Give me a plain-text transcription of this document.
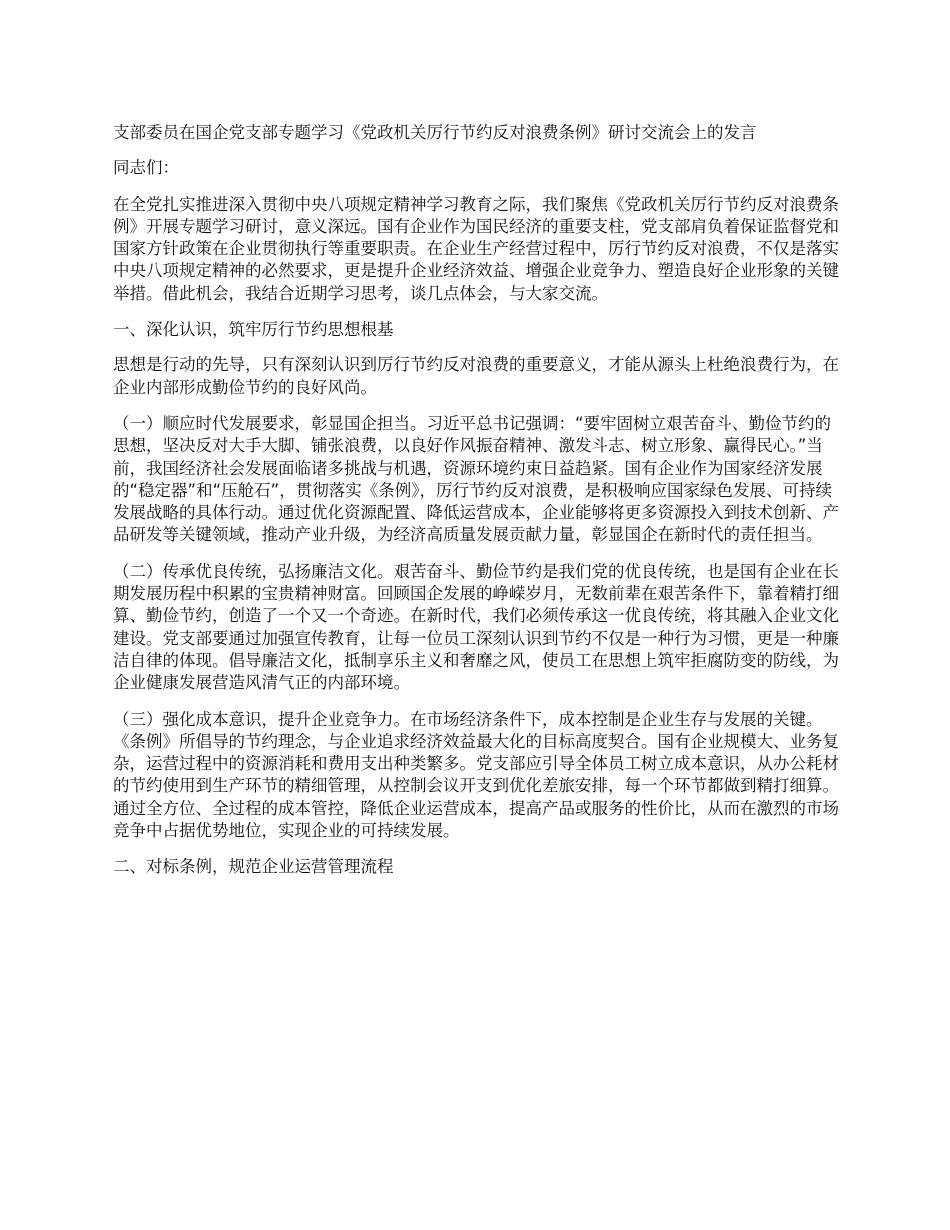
支部委员在国企党支部专题学习《党政机关厉行节约反对浪费条例》研讨交流会上的发言

同志们：

在全党扎实推进深入贯彻中央八项规定精神学习教育之际，我们聚焦《党政机关厉行节约反对浪费条例》开展专题学习研讨，意义深远。国有企业作为国民经济的重要支柱，党支部肩负着保证监督党和国家方针政策在企业贯彻执行等重要职责。在企业生产经营过程中，厉行节约反对浪费，不仅是落实中央八项规定精神的必然要求，更是提升企业经济效益、增强企业竞争力、塑造良好企业形象的关键举措。借此机会，我结合近期学习思考，谈几点体会，与大家交流。

一、深化认识，筑牢厉行节约思想根基

思想是行动的先导，只有深刻认识到厉行节约反对浪费的重要意义，才能从源头上杜绝浪费行为，在企业内部形成勤俭节约的良好风尚。

（一）顺应时代发展要求，彰显国企担当。习近平总书记强调：“要牢固树立艰苦奋斗、勤俭节约的思想，坚决反对大手大脚、铺张浪费，以良好作风振奋精神、激发斗志、树立形象、赢得民心。”当前，我国经济社会发展面临诸多挑战与机遇，资源环境约束日益趋紧。国有企业作为国家经济发展的“稳定器”和“压舱石”，贯彻落实《条例》，厉行节约反对浪费，是积极响应国家绿色发展、可持续发展战略的具体行动。通过优化资源配置、降低运营成本，企业能够将更多资源投入到技术创新、产品研发等关键领域，推动产业升级，为经济高质量发展贡献力量，彰显国企在新时代的责任担当。

（二）传承优良传统，弘扬廉洁文化。艰苦奋斗、勤俭节约是我们党的优良传统，也是国有企业在长期发展历程中积累的宝贵精神财富。回顾国企发展的峥嵘岁月，无数前辈在艰苦条件下，靠着精打细算、勤俭节约，创造了一个又一个奇迹。在新时代，我们必须传承这一优良传统，将其融入企业文化建设。党支部要通过加强宣传教育，让每一位员工深刻认识到节约不仅是一种行为习惯，更是一种廉洁自律的体现。倡导廉洁文化，抵制享乐主义和奢靡之风，使员工在思想上筑牢拒腐防变的防线，为企业健康发展营造风清气正的内部环境。

（三）强化成本意识，提升企业竞争力。在市场经济条件下，成本控制是企业生存与发展的关键。《条例》所倡导的节约理念，与企业追求经济效益最大化的目标高度契合。国有企业规模大、业务复杂，运营过程中的资源消耗和费用支出种类繁多。党支部应引导全体员工树立成本意识，从办公耗材的节约使用到生产环节的精细管理，从控制会议开支到优化差旅安排，每一个环节都做到精打细算。通过全方位、全过程的成本管控，降低企业运营成本，提高产品或服务的性价比，从而在激烈的市场竞争中占据优势地位，实现企业的可持续发展。

二、对标条例，规范企业运营管理流程
